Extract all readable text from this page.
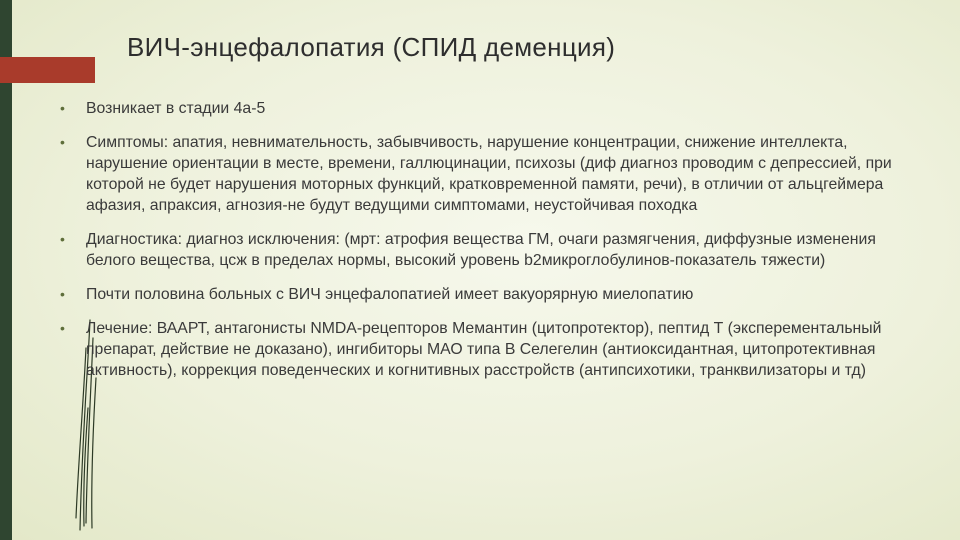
ВИЧ-энцефалопатия (СПИД деменция)
• Возникает в стадии 4а-5
• Симптомы: апатия, невнимательность, забывчивость, нарушение концентрации, снижение интеллекта, нарушение ориентации в месте, времени, галлюцинации, психозы (диф диагноз проводим с депрессией, при которой не будет нарушения моторных функций, кратковременной памяти, речи), в отличии от альцгеймера афазия, апраксия, агнозия-не будут ведущими симптомами, неустойчивая походка
• Диагностика: диагноз исключения: (мрт: атрофия вещества ГМ, очаги размягчения, диффузные изменения белого вещества, цсж в пределах нормы, высокий уровень b2микроглобулинов-показатель тяжести)
• Почти половина больных с ВИЧ энцефалопатией имеет вакуорярную миелопатию
• Лечение: ВААРТ, антагонисты NMDA-рецепторов Мемантин (цитопротектор), пептид Т (эксперементальный препарат, действие не доказано), ингибиторы МАО типа В Селегелин (антиоксидантная, цитопротективная активность), коррекция поведенческих и когнитивных расстройств (антипсихотики, транквилизаторы и тд)
